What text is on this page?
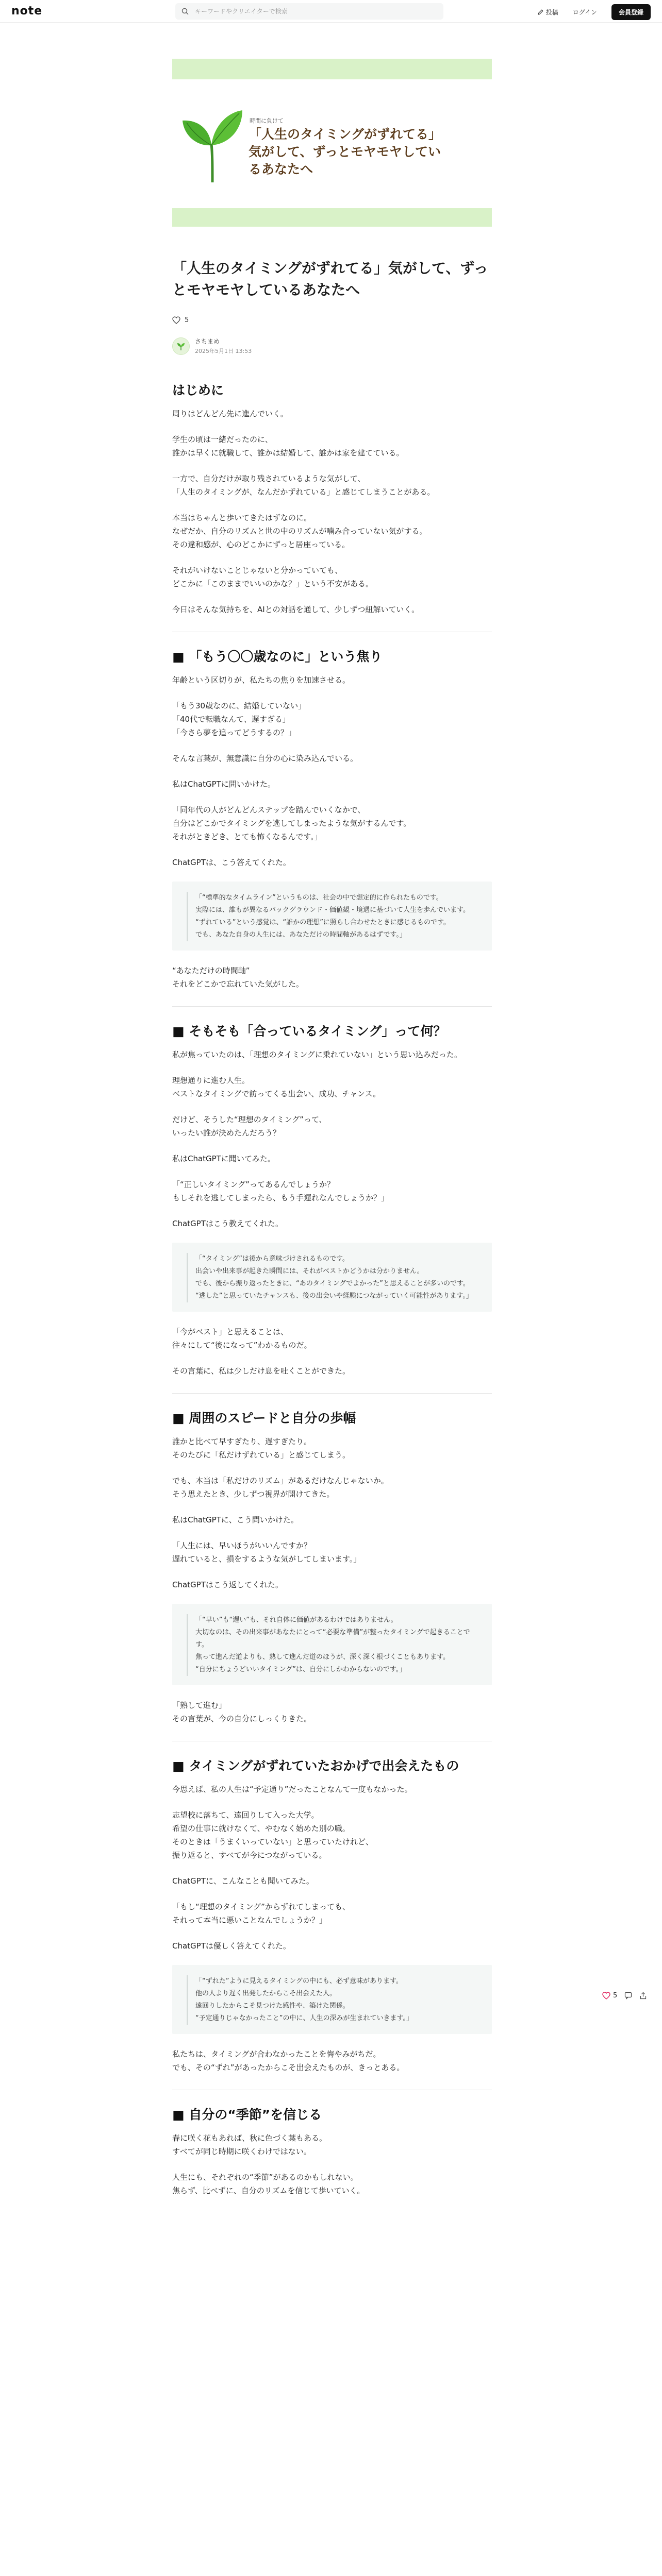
note
キーワードやクリエイターで検索	投稿	ログイン	会員登録
時間に負けて
「人生のタイミングがずれてる」
気がして、ずっとモヤモヤしてい
るあなたへ
「人生のタイミングがずれてる」気がして、ずっとモヤモヤしているあなたへ
5
さちまめ
2025年5月1日 13:53
はじめに

周りはどんどん先に進んでいく。

学生の頃は一緒だったのに、
誰かは早くに就職して、誰かは結婚して、誰かは家を建てている。

一方で、自分だけが取り残されているような気がして、
「人生のタイミングが、なんだかずれている」と感じてしまうことがある。

本当はちゃんと歩いてきたはずなのに。
なぜだか、自分のリズムと世の中のリズムが噛み合っていない気がする。
その違和感が、心のどこかにずっと居座っている。

それがいけないことじゃないと分かっていても、
どこかに「このままでいいのかな？」という不安がある。

今日はそんな気持ちを、AIとの対話を通して、少しずつ紐解いていく。

■ 「もう〇〇歳なのに」という焦り

年齢という区切りが、私たちの焦りを加速させる。

「もう30歳なのに、結婚していない」
「40代で転職なんて、遅すぎる」
「今さら夢を追ってどうするの？」

そんな言葉が、無意識に自分の心に染み込んでいる。

私はChatGPTに問いかけた。

「同年代の人がどんどんステップを踏んでいくなかで、
自分はどこかでタイミングを逃してしまったような気がするんです。
それがときどき、とても怖くなるんです。」

ChatGPTは、こう答えてくれた。

「“標準的なタイムライン”というものは、社会の中で想定的に作られたものです。
実際には、誰もが異なるバックグラウンド・価値観・境遇に基づいて人生を歩んでいます。
“ずれている”という感覚は、“誰かの理想”に照らし合わせたときに感じるものです。
でも、あなた自身の人生には、あなただけの時間軸があるはずです。」

“あなただけの時間軸”
それをどこかで忘れていた気がした。

■ そもそも「合っているタイミング」って何？

私が焦っていたのは、「理想のタイミングに乗れていない」という思い込みだった。

理想通りに進む人生。
ベストなタイミングで訪ってくる出会い、成功、チャンス。

だけど、そうした“理想のタイミング”って、
いったい誰が決めたんだろう？

私はChatGPTに聞いてみた。

「“正しいタイミング”ってあるんでしょうか？
もしそれを逃してしまったら、もう手遅れなんでしょうか？」

ChatGPTはこう教えてくれた。

「“タイミング”は後から意味づけされるものです。
出会いや出来事が起きた瞬間には、それがベストかどうかは分かりません。
でも、後から振り返ったときに、“あのタイミングでよかった”と思えることが多いのです。
“逃した”と思っていたチャンスも、後の出会いや経験につながっていく可能性があります。」

「今がベスト」と思えることは、
往々にして“後になって”わかるものだ。

その言葉に、私は少しだけ息を吐くことができた。

■ 周囲のスピードと自分の歩幅

誰かと比べて早すぎたり、遅すぎたり。
そのたびに「私だけずれている」と感じてしまう。

でも、本当は「私だけのリズム」があるだけなんじゃないか。
そう思えたとき、少しずつ視界が開けてきた。

私はChatGPTに、こう問いかけた。

「人生には、早いほうがいいんですか？
遅れていると、損をするような気がしてしまいます。」

ChatGPTはこう返してくれた。

「“早い”も“遅い”も、それ自体に価値があるわけではありません。
大切なのは、その出来事があなたにとって“必要な準備”が整ったタイミングで起きることです。
焦って進んだ道よりも、熟して進んだ道のほうが、深く深く根づくこともあります。
“自分にちょうどいいタイミング”は、自分にしかわからないのです。」

「熟して進む」
その言葉が、今の自分にしっくりきた。

■ タイミングがずれていたおかげで出会えたもの

今思えば、私の人生は“予定通り”だったことなんて一度もなかった。

志望校に落ちて、遠回りして入った大学。
希望の仕事に就けなくて、やむなく始めた別の職。
そのときは「うまくいっていない」と思っていたけれど、
振り返ると、すべてが今につながっている。

ChatGPTに、こんなことも聞いてみた。

「もし“理想のタイミング”からずれてしまっても、
それって本当に悪いことなんでしょうか？」

ChatGPTは優しく答えてくれた。

「“ずれた”ように見えるタイミングの中にも、必ず意味があります。
他の人より遅く出発したからこそ出会えた人。
遠回りしたからこそ見つけた感性や、築けた関係。
“予定通りじゃなかったこと”の中に、人生の深みが生まれていきます。」

私たちは、タイミングが合わなかったことを悔やみがちだ。
でも、その“ずれ”があったからこそ出会えたものが、きっとある。

■ 自分の“季節”を信じる

春に咲く花もあれば、秋に色づく葉もある。
すべてが同じ時期に咲くわけではない。

人生にも、それぞれの“季節”があるのかもしれない。
焦らず、比べずに、自分のリズムを信じて歩いていく。

5
